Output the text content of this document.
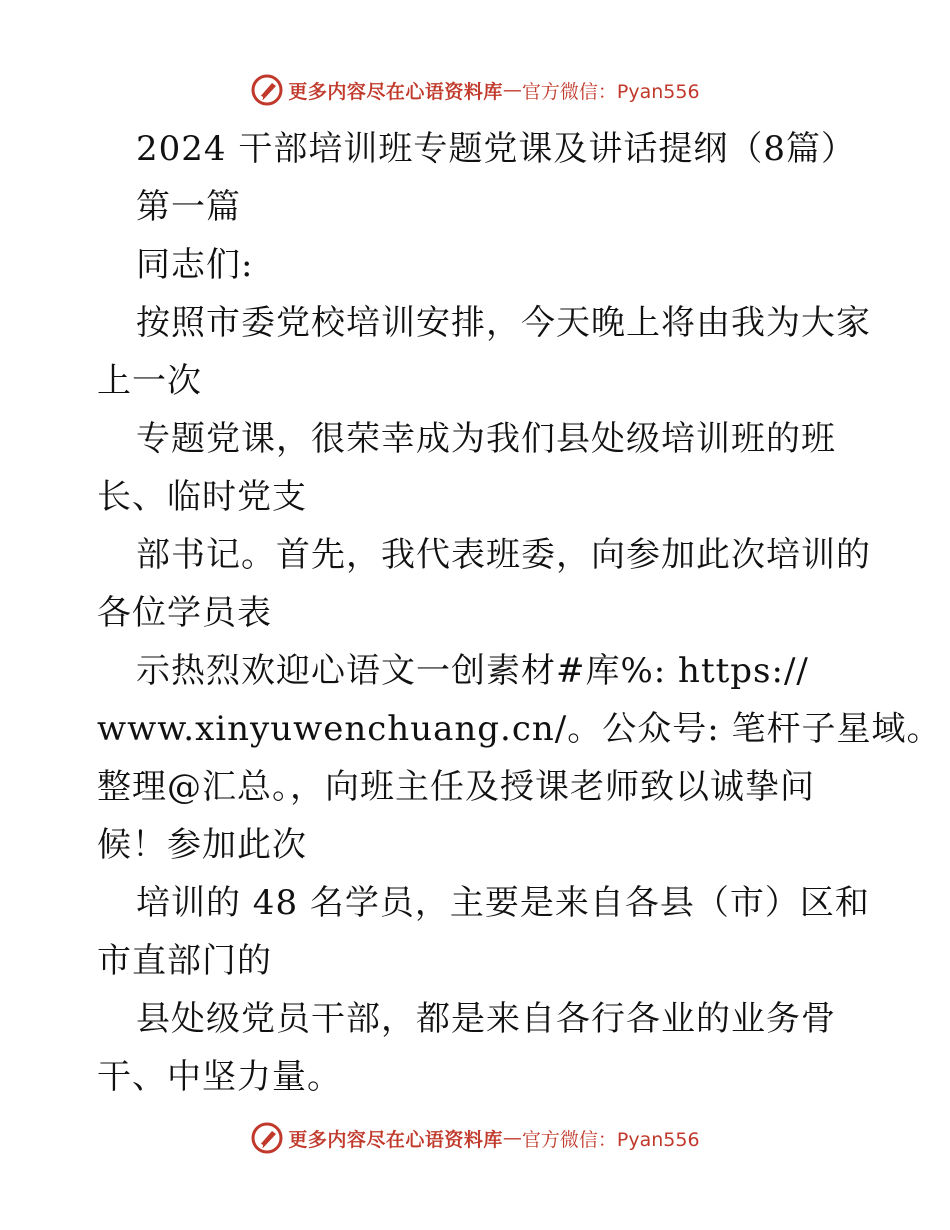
更多内容尽在心语资料库 — 官方微信：Pyan556
2024 干部培训班专题党课及讲话提纲（8篇）
第一篇
同志们:
按照市委党校培训安排，今天晚上将由我为大家
上一次
专题党课，很荣幸成为我们县处级培训班的班
长、临时党支
部书记。首先，我代表班委，向参加此次培训的
各位学员表
示热烈欢迎心语文一创素材#库%: https://
www.xinyuwenchuang.cn/。公众号: 笔杆子星域。
整理@汇总。，向班主任及授课老师致以诚挚问
候！参加此次
培训的 48 名学员，主要是来自各县（市）区和
市直部门的
县处级党员干部，都是来自各行各业的业务骨
干、中坚力量。
更多内容尽在心语资料库 — 官方微信：Pyan556
